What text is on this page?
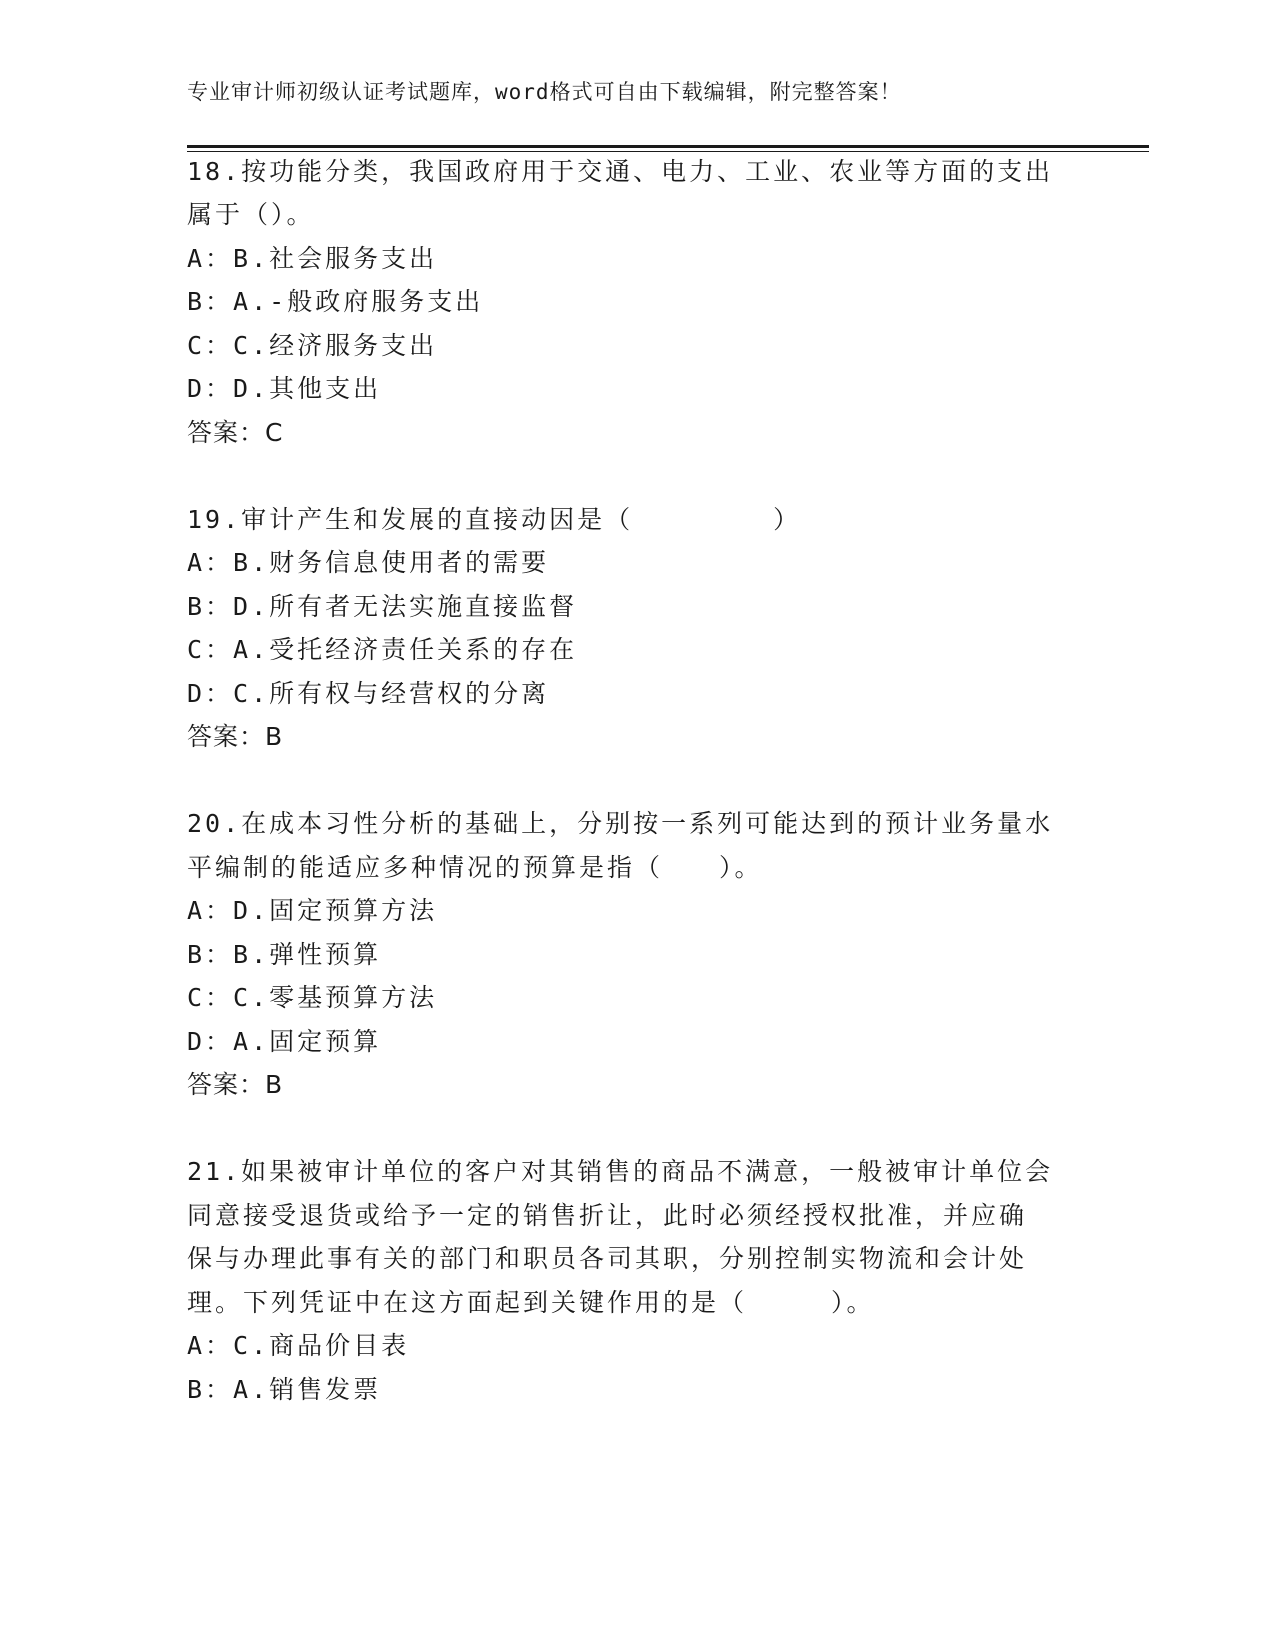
专业审计师初级认证考试题库，word格式可自由下载编辑，附完整答案！
18.按功能分类，我国政府用于交通、电力、工业、农业等方面的支出
属于（）。
A：B.社会服务支出
B：A.-般政府服务支出
C：C.经济服务支出
D：D.其他支出
答案：C
19.审计产生和发展的直接动因是（　　　　　）
A：B.财务信息使用者的需要
B：D.所有者无法实施直接监督
C：A.受托经济责任关系的存在
D：C.所有权与经营权的分离
答案：B
20.在成本习性分析的基础上，分别按一系列可能达到的预计业务量水
平编制的能适应多种情况的预算是指（　　）。
A：D.固定预算方法
B：B.弹性预算
C：C.零基预算方法
D：A.固定预算
答案：B
21.如果被审计单位的客户对其销售的商品不满意，一般被审计单位会
同意接受退货或给予一定的销售折让，此时必须经授权批准，并应确
保与办理此事有关的部门和职员各司其职，分别控制实物流和会计处
理。下列凭证中在这方面起到关键作用的是（　　　）。
A：C.商品价目表
B：A.销售发票
